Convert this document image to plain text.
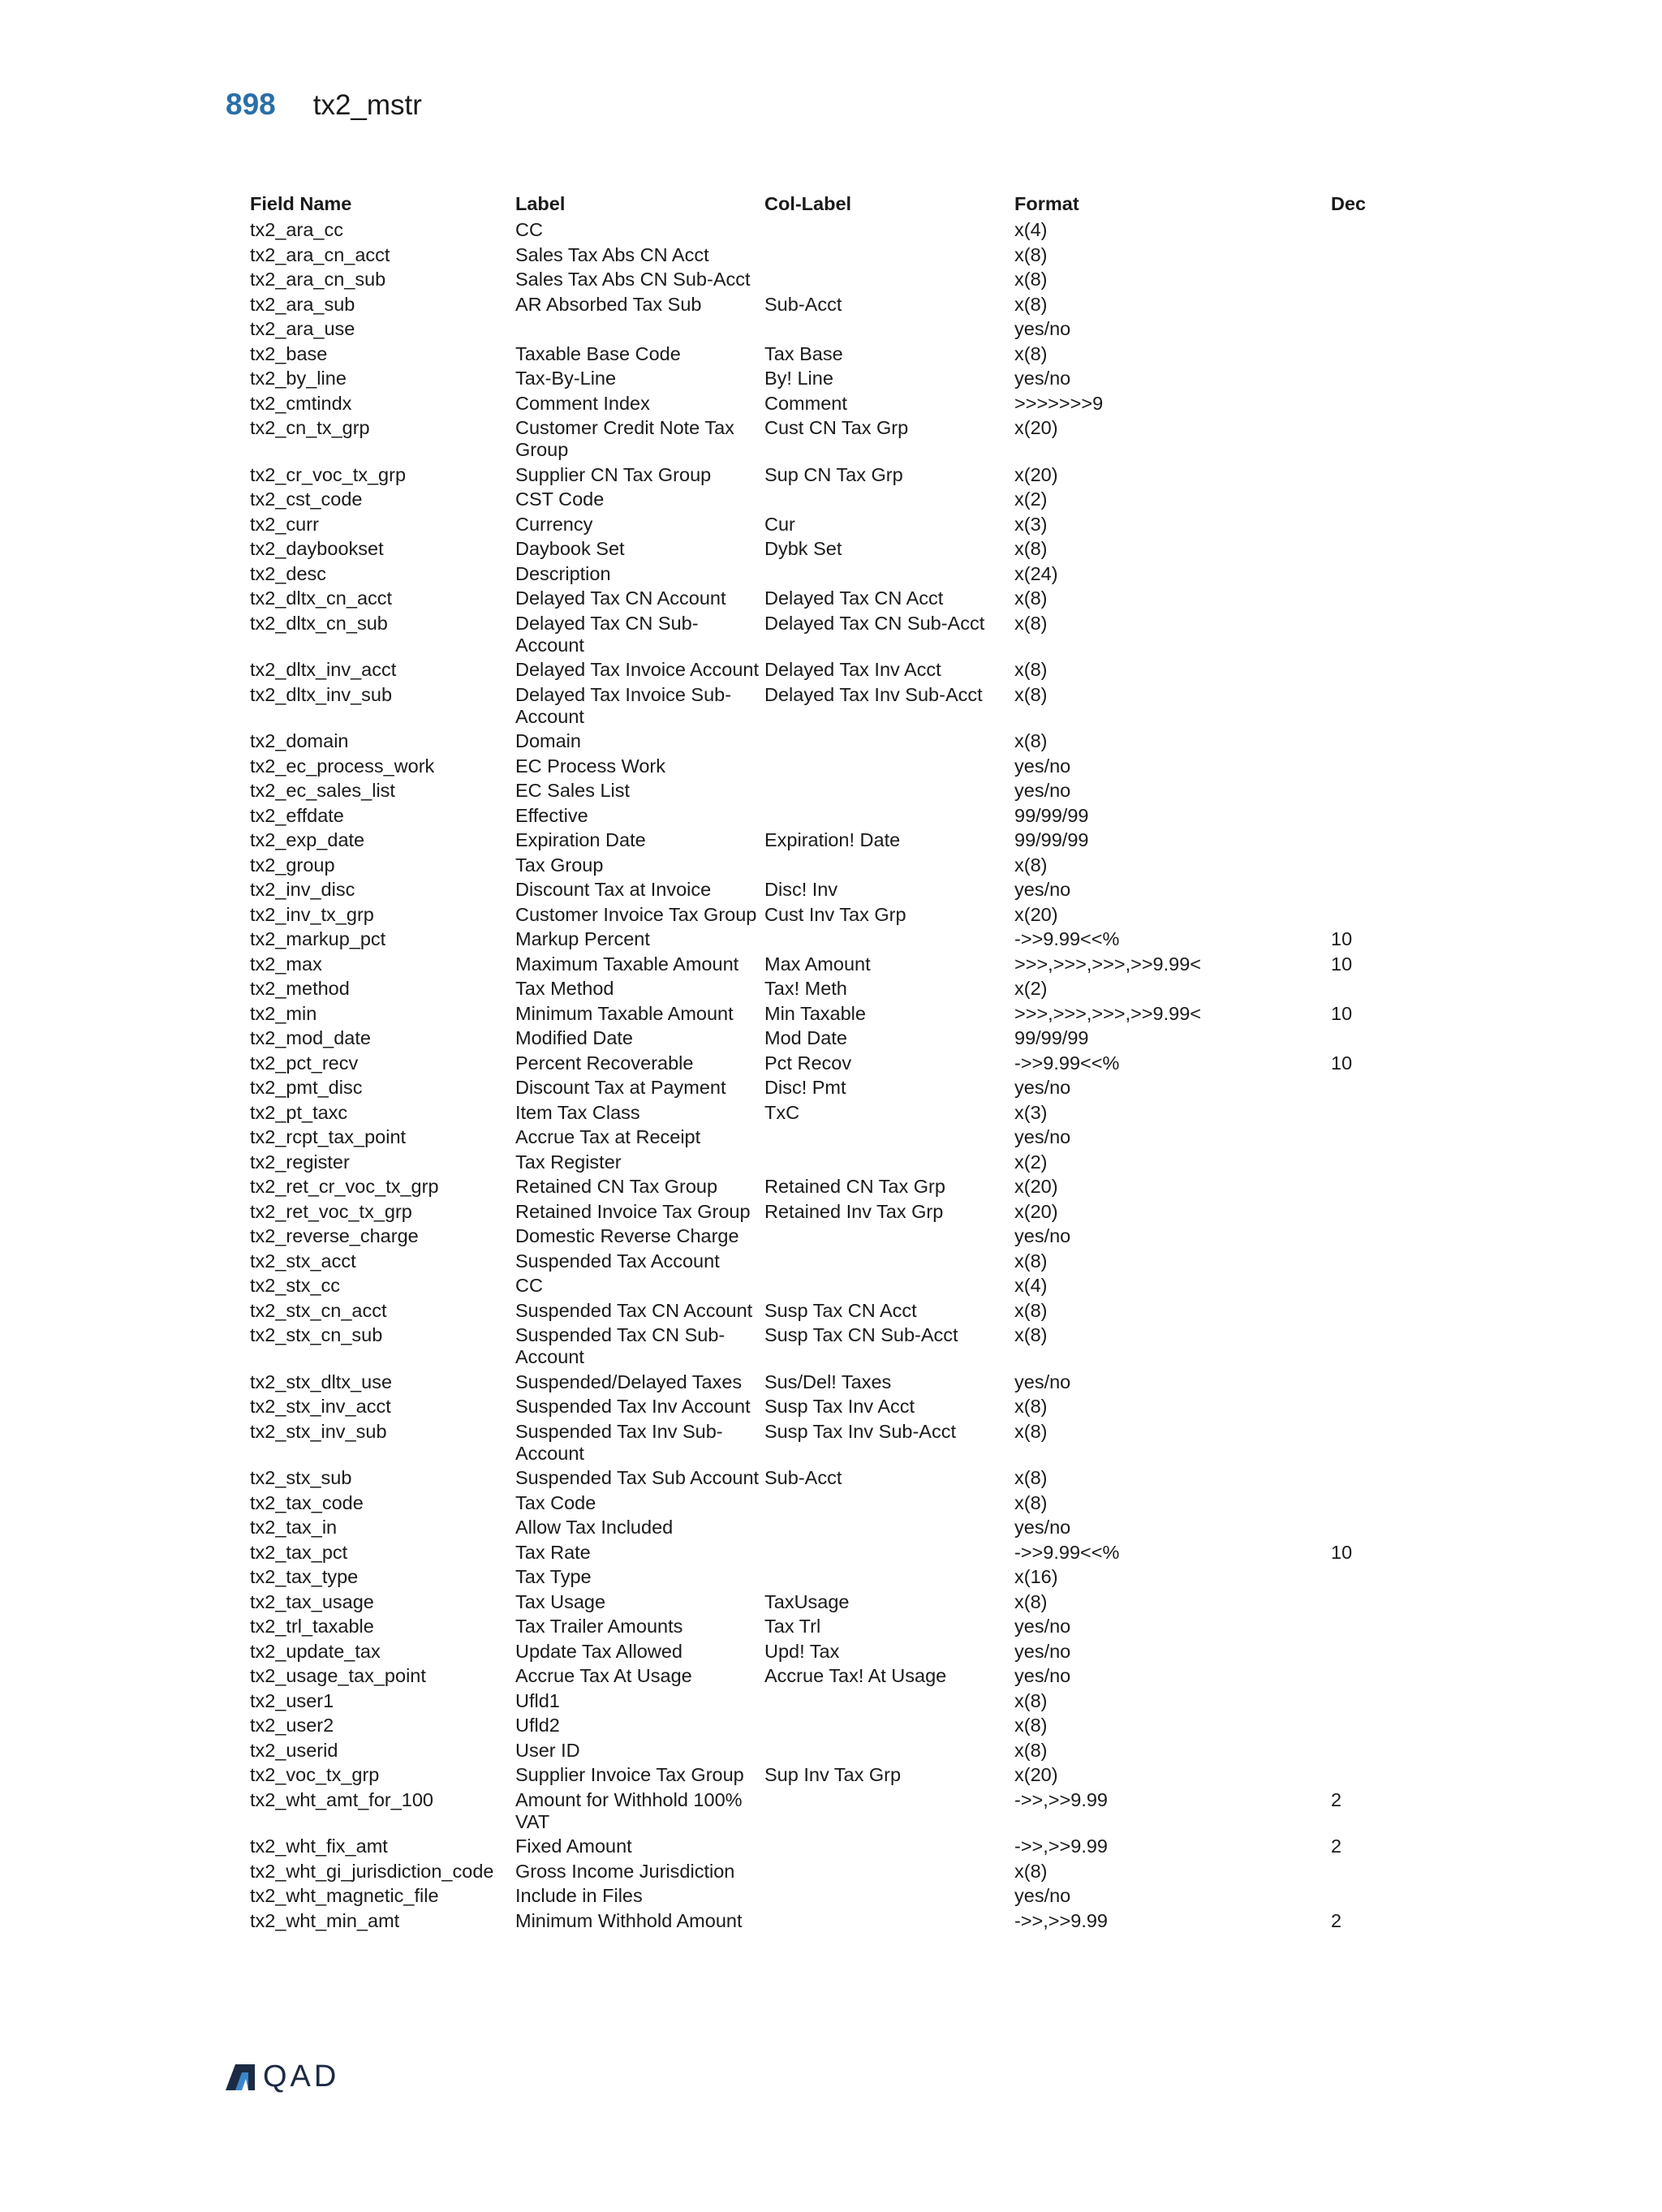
898 tx2_mstr
Field Name	Label	Col-Label	Format	Dec
tx2_ara_cc	CC		x(4)	
tx2_ara_cn_acct	Sales Tax Abs CN Acct		x(8)	
tx2_ara_cn_sub	Sales Tax Abs CN Sub-Acct		x(8)	
tx2_ara_sub	AR Absorbed Tax Sub	Sub-Acct	x(8)	
tx2_ara_use			yes/no	
tx2_base	Taxable Base Code	Tax Base	x(8)	
tx2_by_line	Tax-By-Line	By! Line	yes/no	
tx2_cmtindx	Comment Index	Comment	>>>>>>>9	
tx2_cn_tx_grp	Customer Credit Note Tax Group	Cust CN Tax Grp	x(20)	
tx2_cr_voc_tx_grp	Supplier CN Tax Group	Sup CN Tax Grp	x(20)	
tx2_cst_code	CST Code		x(2)	
tx2_curr	Currency	Cur	x(3)	
tx2_daybookset	Daybook Set	Dybk Set	x(8)	
tx2_desc	Description		x(24)	
tx2_dltx_cn_acct	Delayed Tax CN Account	Delayed Tax CN Acct	x(8)	
tx2_dltx_cn_sub	Delayed Tax CN Sub-Account	Delayed Tax CN Sub-Acct	x(8)	
tx2_dltx_inv_acct	Delayed Tax Invoice Account	Delayed Tax Inv Acct	x(8)	
tx2_dltx_inv_sub	Delayed Tax Invoice Sub-Account	Delayed Tax Inv Sub-Acct	x(8)	
tx2_domain	Domain		x(8)	
tx2_ec_process_work	EC Process Work		yes/no	
tx2_ec_sales_list	EC Sales List		yes/no	
tx2_effdate	Effective		99/99/99	
tx2_exp_date	Expiration Date	Expiration! Date	99/99/99	
tx2_group	Tax Group		x(8)	
tx2_inv_disc	Discount Tax at Invoice	Disc! Inv	yes/no	
tx2_inv_tx_grp	Customer Invoice Tax Group	Cust Inv Tax Grp	x(20)	
tx2_markup_pct	Markup Percent		->>9.99<<%	10
tx2_max	Maximum Taxable Amount	Max Amount	>>>,>>>,>>>,>>9.99<	10
tx2_method	Tax Method	Tax! Meth	x(2)	
tx2_min	Minimum Taxable Amount	Min Taxable	>>>,>>>,>>>,>>9.99<	10
tx2_mod_date	Modified Date	Mod Date	99/99/99	
tx2_pct_recv	Percent Recoverable	Pct Recov	->>9.99<<%	10
tx2_pmt_disc	Discount Tax at Payment	Disc! Pmt	yes/no	
tx2_pt_taxc	Item Tax Class	TxC	x(3)	
tx2_rcpt_tax_point	Accrue Tax at Receipt		yes/no	
tx2_register	Tax Register		x(2)	
tx2_ret_cr_voc_tx_grp	Retained CN Tax Group	Retained CN Tax Grp	x(20)	
tx2_ret_voc_tx_grp	Retained Invoice Tax Group	Retained Inv Tax Grp	x(20)	
tx2_reverse_charge	Domestic Reverse Charge		yes/no	
tx2_stx_acct	Suspended Tax Account		x(8)	
tx2_stx_cc	CC		x(4)	
tx2_stx_cn_acct	Suspended Tax CN Account	Susp Tax CN Acct	x(8)	
tx2_stx_cn_sub	Suspended Tax CN Sub-Account	Susp Tax CN Sub-Acct	x(8)	
tx2_stx_dltx_use	Suspended/Delayed Taxes	Sus/Del! Taxes	yes/no	
tx2_stx_inv_acct	Suspended Tax Inv Account	Susp Tax Inv Acct	x(8)	
tx2_stx_inv_sub	Suspended Tax Inv Sub-Account	Susp Tax Inv Sub-Acct	x(8)	
tx2_stx_sub	Suspended Tax Sub Account	Sub-Acct	x(8)	
tx2_tax_code	Tax Code		x(8)	
tx2_tax_in	Allow Tax Included		yes/no	
tx2_tax_pct	Tax Rate		->>9.99<<%	10
tx2_tax_type	Tax Type		x(16)	
tx2_tax_usage	Tax Usage	TaxUsage	x(8)	
tx2_trl_taxable	Tax Trailer Amounts	Tax Trl	yes/no	
tx2_update_tax	Update Tax Allowed	Upd! Tax	yes/no	
tx2_usage_tax_point	Accrue Tax At Usage	Accrue Tax! At Usage	yes/no	
tx2_user1	Ufld1		x(8)	
tx2_user2	Ufld2		x(8)	
tx2_userid	User ID		x(8)	
tx2_voc_tx_grp	Supplier Invoice Tax Group	Sup Inv Tax Grp	x(20)	
tx2_wht_amt_for_100	Amount for Withhold 100% VAT		->>,>>9.99	2
tx2_wht_fix_amt	Fixed Amount		->>,>>9.99	2
tx2_wht_gi_jurisdiction_code	Gross Income Jurisdiction		x(8)	
tx2_wht_magnetic_file	Include in Files		yes/no	
tx2_wht_min_amt	Minimum Withhold Amount		->>,>>9.99	2
QAD
